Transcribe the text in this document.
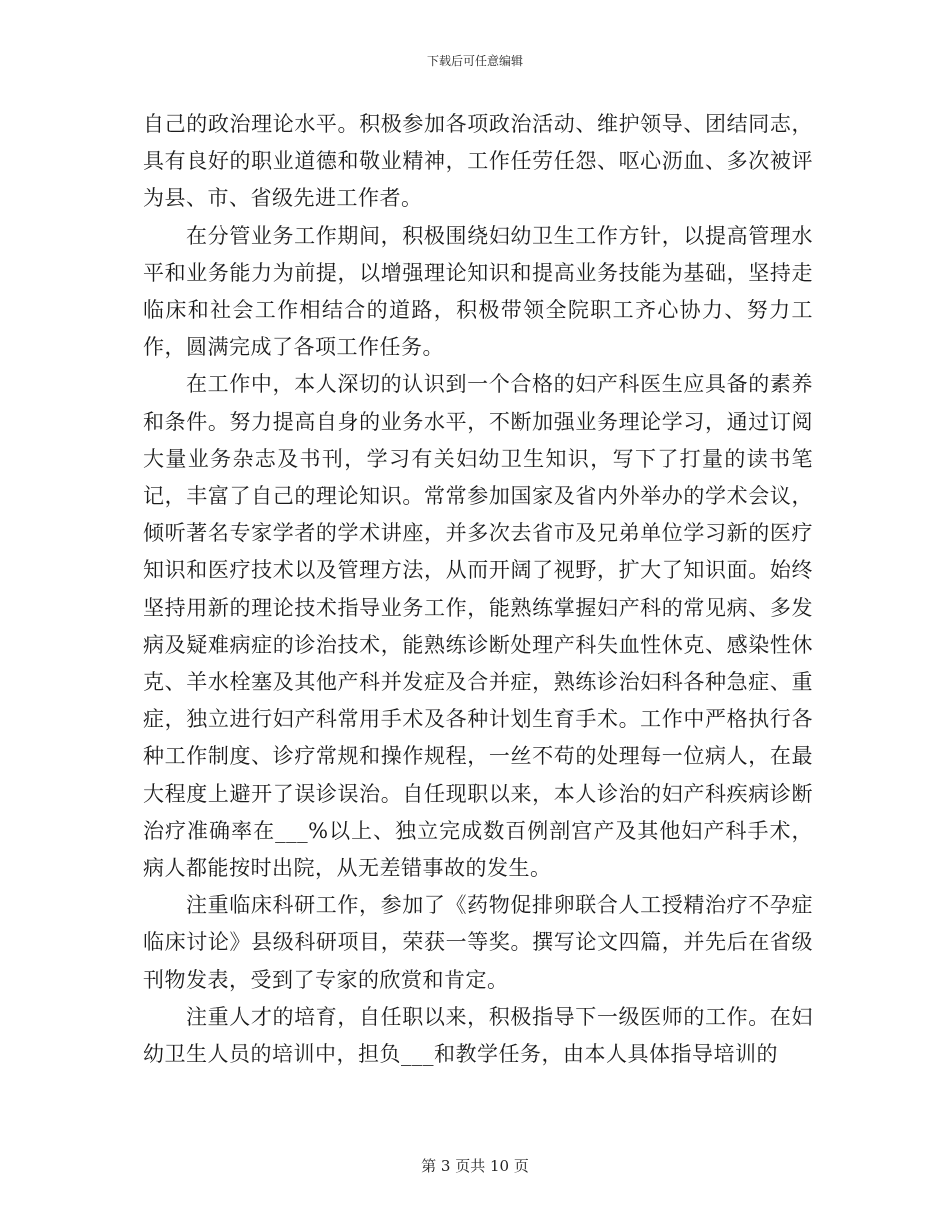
下载后可任意编辑

自己的政治理论水平。积极参加各项政治活动、维护领导、团结同志，具有良好的职业道德和敬业精神，工作任劳任怨、呕心沥血、多次被评为县、市、省级先进工作者。

在分管业务工作期间，积极围绕妇幼卫生工作方针，以提高管理水平和业务能力为前提，以增强理论知识和提高业务技能为基础，坚持走临床和社会工作相结合的道路，积极带领全院职工齐心协力、努力工作，圆满完成了各项工作任务。

在工作中，本人深切的认识到一个合格的妇产科医生应具备的素养和条件。努力提高自身的业务水平，不断加强业务理论学习，通过订阅大量业务杂志及书刊，学习有关妇幼卫生知识，写下了打量的读书笔记，丰富了自己的理论知识。常常参加国家及省内外举办的学术会议，倾听著名专家学者的学术讲座，并多次去省市及兄弟单位学习新的医疗知识和医疗技术以及管理方法，从而开阔了视野，扩大了知识面。始终坚持用新的理论技术指导业务工作，能熟练掌握妇产科的常见病、多发病及疑难病症的诊治技术，能熟练诊断处理产科失血性休克、感染性休克、羊水栓塞及其他产科并发症及合并症，熟练诊治妇科各种急症、重症，独立进行妇产科常用手术及各种计划生育手术。工作中严格执行各种工作制度、诊疗常规和操作规程，一丝不苟的处理每一位病人，在最大程度上避开了误诊误治。自任现职以来，本人诊治的妇产科疾病诊断治疗准确率在___%以上、独立完成数百例剖宫产及其他妇产科手术，病人都能按时出院，从无差错事故的发生。

注重临床科研工作，参加了《药物促排卵联合人工授精治疗不孕症临床讨论》县级科研项目，荣获一等奖。撰写论文四篇，并先后在省级刊物发表，受到了专家的欣赏和肯定。

注重人才的培育，自任职以来，积极指导下一级医师的工作。在妇幼卫生人员的培训中，担负___和教学任务，由本人具体指导培训的

第 3 页共 10 页
